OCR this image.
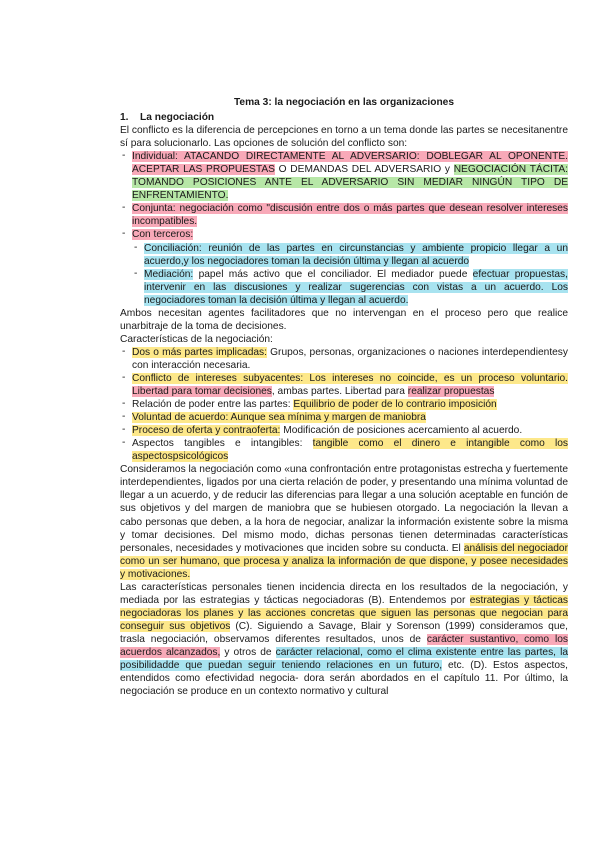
Tema 3: la negociación en las organizaciones
1. La negociación

El conflicto es la diferencia de percepciones en torno a un tema donde las partes se necesitanentre sí para solucionarlo. Las opciones de solución del conflicto son:

- Individual: ATACANDO DIRECTAMENTE AL ADVERSARIO: DOBLEGAR AL OPONENTE. ACEPTAR LAS PROPUESTAS O DEMANDAS DEL ADVERSARIO y NEGOCIACIÓN TÁCITA: TOMANDO POSICIONES ANTE EL ADVERSARIO SIN MEDIAR NINGÚN TIPO DE ENFRENTAMIENTO.
- Conjunta: negociación como "discusión entre dos o más partes que desean resolver intereses incompatibles.
- Con terceros:
- Conciliación: reunión de las partes en circunstancias y ambiente propicio llegar a un acuerdo,y los negociadores toman la decisión última y llegan al acuerdo
- Mediación: papel más activo que el conciliador. El mediador puede efectuar propuestas, intervenir en las discusiones y realizar sugerencias con vistas a un acuerdo. Los negociadores toman la decisión última y llegan al acuerdo.

Ambos necesitan agentes facilitadores que no intervengan en el proceso pero que realice unarbitraje de la toma de decisiones.

Características de la negociación:

- Dos o más partes implicadas: Grupos, personas, organizaciones o naciones interdependientesy con interacción necesaria.
- Conflicto de intereses subyacentes: Los intereses no coincide, es un proceso voluntario. Libertad para tomar decisiones, ambas partes. Libertad para realizar propuestas
- Relación de poder entre las partes: Equilibrio de poder de lo contrario imposición
- Voluntad de acuerdo: Aunque sea mínima y margen de maniobra
- Proceso de oferta y contraoferta: Modificación de posiciones acercamiento al acuerdo.
- Aspectos tangibles e intangibles: tangible como el dinero e intangible como los aspectospsicológicos

Consideramos la negociación como «una confrontación entre protagonistas estrecha y fuertemente interdependientes, ligados por una cierta relación de poder, y presentando una mínima voluntad de llegar a un acuerdo, y de reducir las diferencias para llegar a una solución aceptable en función de sus objetivos y del margen de maniobra que se hubiesen otorgado. La negociación la llevan a cabo personas que deben, a la hora de negociar, analizar la información existente sobre la misma y tomar decisiones. Del mismo modo, dichas personas tienen determinadas características personales, necesidades y motivaciones que inciden sobre su conducta. El análisis del negociador como un ser humano, que procesa y analiza la información de que dispone, y posee necesidades y motivaciones.

Las características personales tienen incidencia directa en los resultados de la negociación, y mediada por las estrategias y tácticas negociadoras (B). Entendemos por estrategias y tácticas negociadoras los planes y las acciones concretas que siguen las personas que negocian para conseguir sus objetivos (C). Siguiendo a Savage, Blair y Sorenson (1999) consideramos que, trasla negociación, observamos diferentes resultados, unos de carácter sustantivo, como los acuerdos alcanzados, y otros de carácter relacional, como el clima existente entre las partes, la posibilidadde que puedan seguir teniendo relaciones en un futuro, etc. (D). Estos aspectos, entendidos como efectividad negocia- dora serán abordados en el capítulo 11. Por último, la negociación se produce en un contexto normativo y cultural
